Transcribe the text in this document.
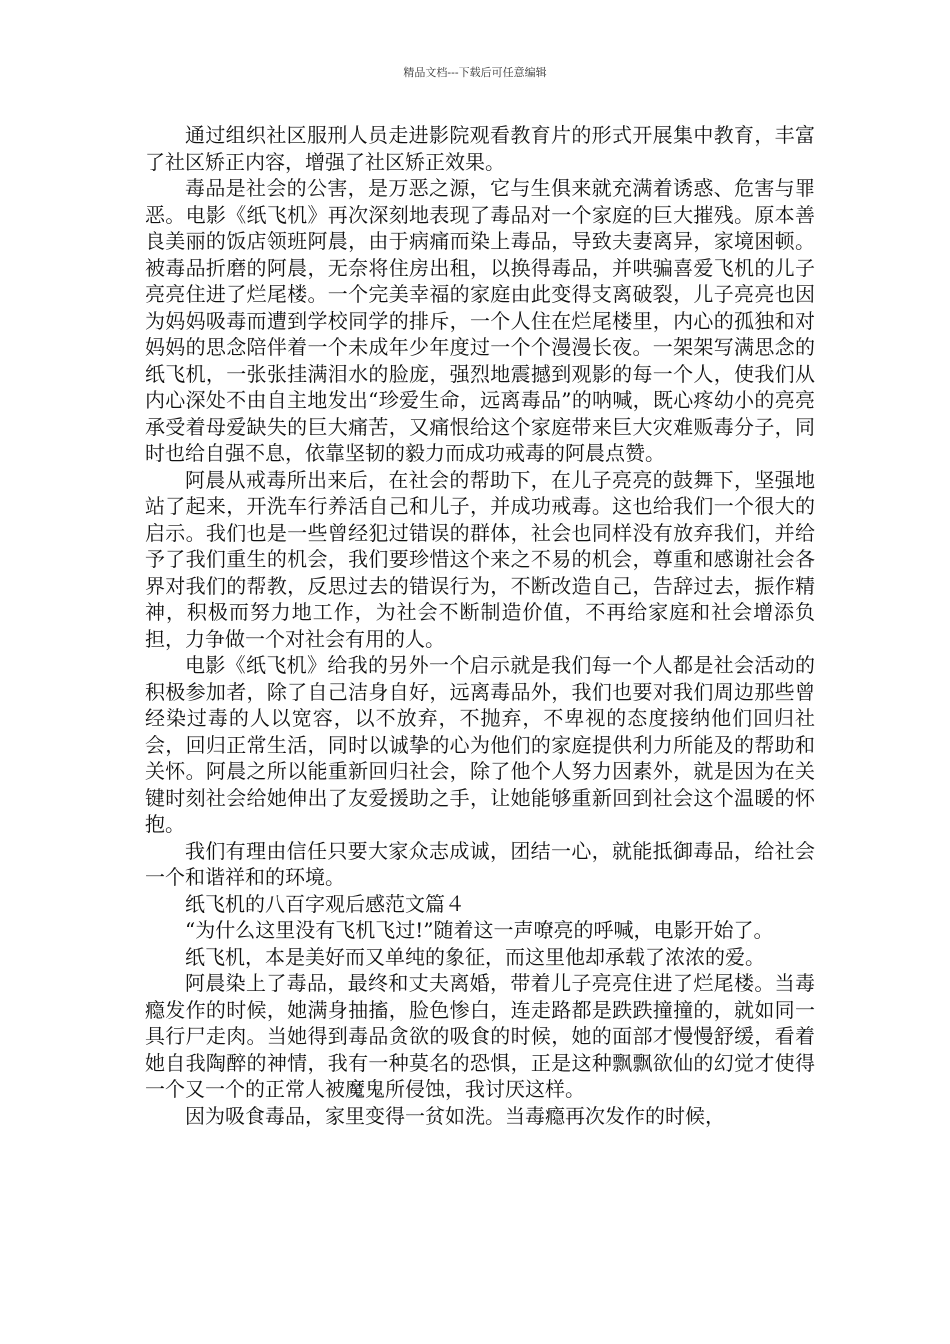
精品文档---下载后可任意编辑

通过组织社区服刑人员走进影院观看教育片的形式开展集中教育，丰富了社区矫正内容，增强了社区矫正效果。

毒品是社会的公害，是万恶之源，它与生俱来就充满着诱惑、危害与罪恶。电影《纸飞机》再次深刻地表现了毒品对一个家庭的巨大摧残。原本善良美丽的饭店领班阿晨，由于病痛而染上毒品，导致夫妻离异，家境困顿。被毒品折磨的阿晨，无奈将住房出租，以换得毒品，并哄骗喜爱飞机的儿子亮亮住进了烂尾楼。一个完美幸福的家庭由此变得支离破裂，儿子亮亮也因为妈妈吸毒而遭到学校同学的排斥，一个人住在烂尾楼里，内心的孤独和对妈妈的思念陪伴着一个未成年少年度过一个个漫漫长夜。一架架写满思念的纸飞机，一张张挂满泪水的脸庞，强烈地震撼到观影的每一个人，使我们从内心深处不由自主地发出“珍爱生命，远离毒品”的呐喊，既心疼幼小的亮亮承受着母爱缺失的巨大痛苦，又痛恨给这个家庭带来巨大灾难贩毒分子，同时也给自强不息，依靠坚韧的毅力而成功戒毒的阿晨点赞。

阿晨从戒毒所出来后，在社会的帮助下，在儿子亮亮的鼓舞下，坚强地站了起来，开洗车行养活自己和儿子，并成功戒毒。这也给我们一个很大的启示。我们也是一些曾经犯过错误的群体，社会也同样没有放弃我们，并给予了我们重生的机会，我们要珍惜这个来之不易的机会，尊重和感谢社会各界对我们的帮教，反思过去的错误行为，不断改造自己，告辞过去，振作精神，积极而努力地工作，为社会不断制造价值，不再给家庭和社会增添负担，力争做一个对社会有用的人。

电影《纸飞机》给我的另外一个启示就是我们每一个人都是社会活动的积极参加者，除了自己洁身自好，远离毒品外，我们也要对我们周边那些曾经染过毒的人以宽容，以不放弃，不抛弃，不卑视的态度接纳他们回归社会，回归正常生活，同时以诚挚的心为他们的家庭提供利力所能及的帮助和关怀。阿晨之所以能重新回归社会，除了他个人努力因素外，就是因为在关键时刻社会给她伸出了友爱援助之手，让她能够重新回到社会这个温暖的怀抱。

我们有理由信任只要大家众志成诚，团结一心，就能抵御毒品，给社会一个和谐祥和的环境。

纸飞机的八百字观后感范文篇４

“为什么这里没有飞机飞过!”随着这一声嘹亮的呼喊，电影开始了。

纸飞机，本是美好而又单纯的象征，而这里他却承载了浓浓的爱。

阿晨染上了毒品，最终和丈夫离婚，带着儿子亮亮住进了烂尾楼。当毒瘾发作的时候，她满身抽搐，脸色惨白，连走路都是跌跌撞撞的，就如同一具行尸走肉。当她得到毒品贪欲的吸食的时候，她的面部才慢慢舒缓，看着她自我陶醉的神情，我有一种莫名的恐惧，正是这种飘飘欲仙的幻觉才使得一个又一个的正常人被魔鬼所侵蚀，我讨厌这样。

因为吸食毒品，家里变得一贫如洗。当毒瘾再次发作的时候，
